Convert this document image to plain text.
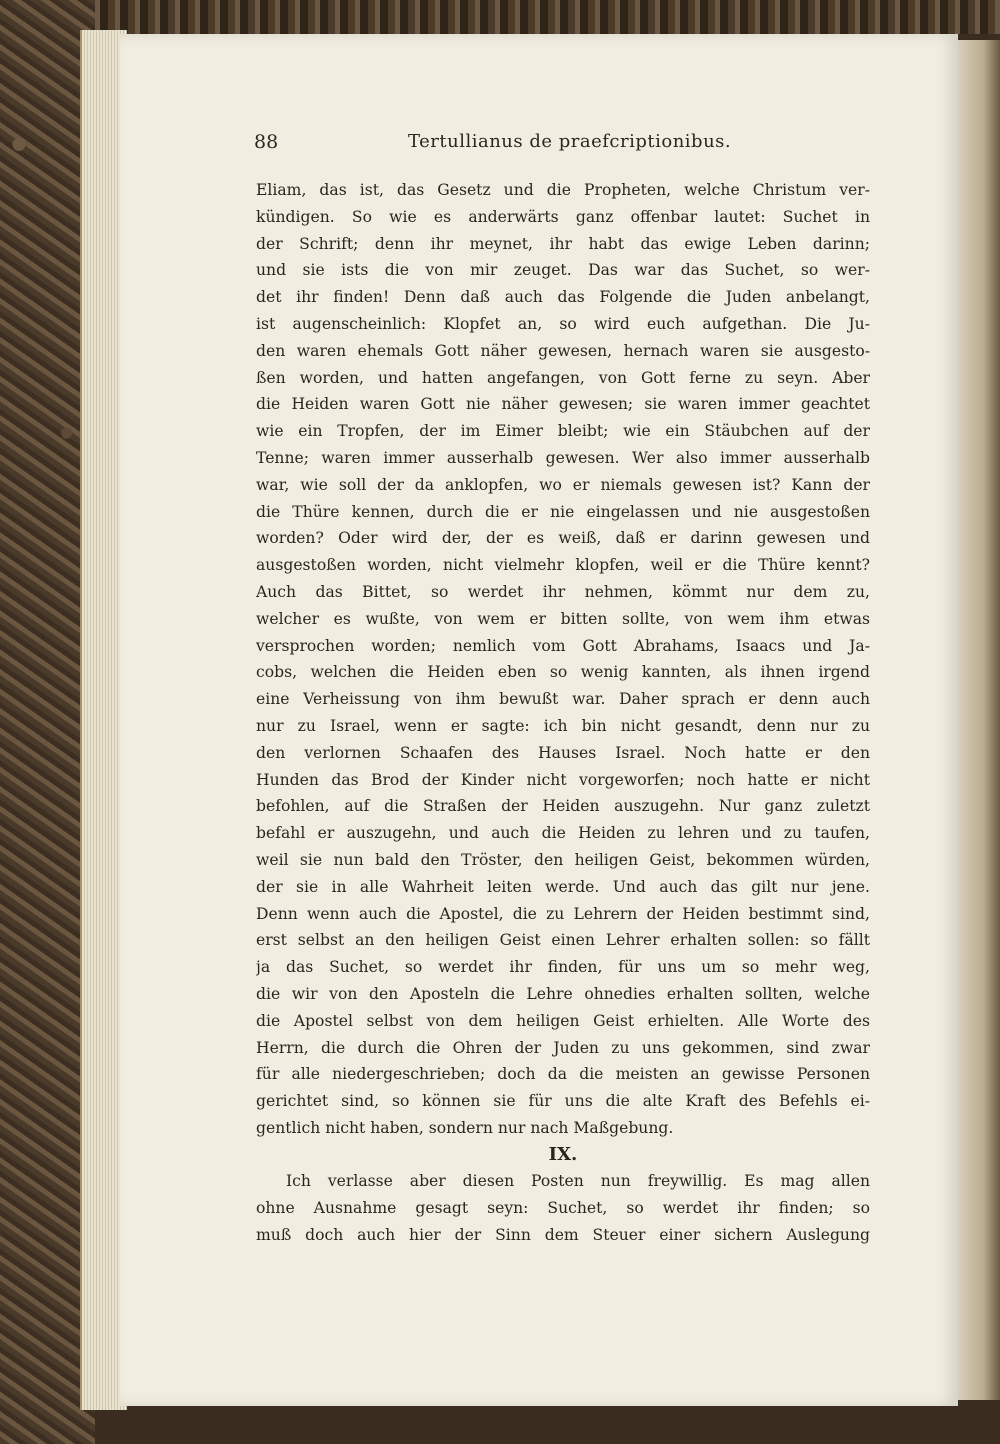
88	Tertullianus de praefcriptionibus.
Eliam, das ist, das Gesetz und die Propheten, welche Christum ver-
kündigen. So wie es anderwärts ganz offenbar lautet: Suchet in
der Schrift; denn ihr meynet, ihr habt das ewige Leben darinn;
und sie ists die von mir zeuget. Das war das Suchet, so wer-
det ihr finden! Denn daß auch das Folgende die Juden anbelangt,
ist augenscheinlich: Klopfet an, so wird euch aufgethan. Die Ju-
den waren ehemals Gott näher gewesen, hernach waren sie ausgesto-
ßen worden, und hatten angefangen, von Gott ferne zu seyn. Aber
die Heiden waren Gott nie näher gewesen; sie waren immer geachtet
wie ein Tropfen, der im Eimer bleibt; wie ein Stäubchen auf der
Tenne; waren immer ausserhalb gewesen. Wer also immer ausserhalb
war, wie soll der da anklopfen, wo er niemals gewesen ist? Kann der
die Thüre kennen, durch die er nie eingelassen und nie ausgestoßen
worden? Oder wird der, der es weiß, daß er darinn gewesen und
ausgestoßen worden, nicht vielmehr klopfen, weil er die Thüre kennt?
Auch das Bittet, so werdet ihr nehmen, kömmt nur dem zu,
welcher es wußte, von wem er bitten sollte, von wem ihm etwas
versprochen worden; nemlich vom Gott Abrahams, Isaacs und Ja-
cobs, welchen die Heiden eben so wenig kannten, als ihnen irgend
eine Verheissung von ihm bewußt war. Daher sprach er denn auch
nur zu Israel, wenn er sagte: ich bin nicht gesandt, denn nur zu
den verlornen Schaafen des Hauses Israel. Noch hatte er den
Hunden das Brod der Kinder nicht vorgeworfen; noch hatte er nicht
befohlen, auf die Straßen der Heiden auszugehn. Nur ganz zuletzt
befahl er auszugehn, und auch die Heiden zu lehren und zu taufen,
weil sie nun bald den Tröster, den heiligen Geist, bekommen würden,
der sie in alle Wahrheit leiten werde. Und auch das gilt nur jene.
Denn wenn auch die Apostel, die zu Lehrern der Heiden bestimmt sind,
erst selbst an den heiligen Geist einen Lehrer erhalten sollen: so fällt
ja das Suchet, so werdet ihr finden, für uns um so mehr weg,
die wir von den Aposteln die Lehre ohnedies erhalten sollten, welche
die Apostel selbst von dem heiligen Geist erhielten. Alle Worte des
Herrn, die durch die Ohren der Juden zu uns gekommen, sind zwar
für alle niedergeschrieben; doch da die meisten an gewisse Personen
gerichtet sind, so können sie für uns die alte Kraft des Befehls ei-
gentlich nicht haben, sondern nur nach Maßgebung.
IX.
Ich verlasse aber diesen Posten nun freywillig. Es mag allen
ohne Ausnahme gesagt seyn: Suchet, so werdet ihr finden; so
muß doch auch hier der Sinn dem Steuer einer sichern Auslegung
